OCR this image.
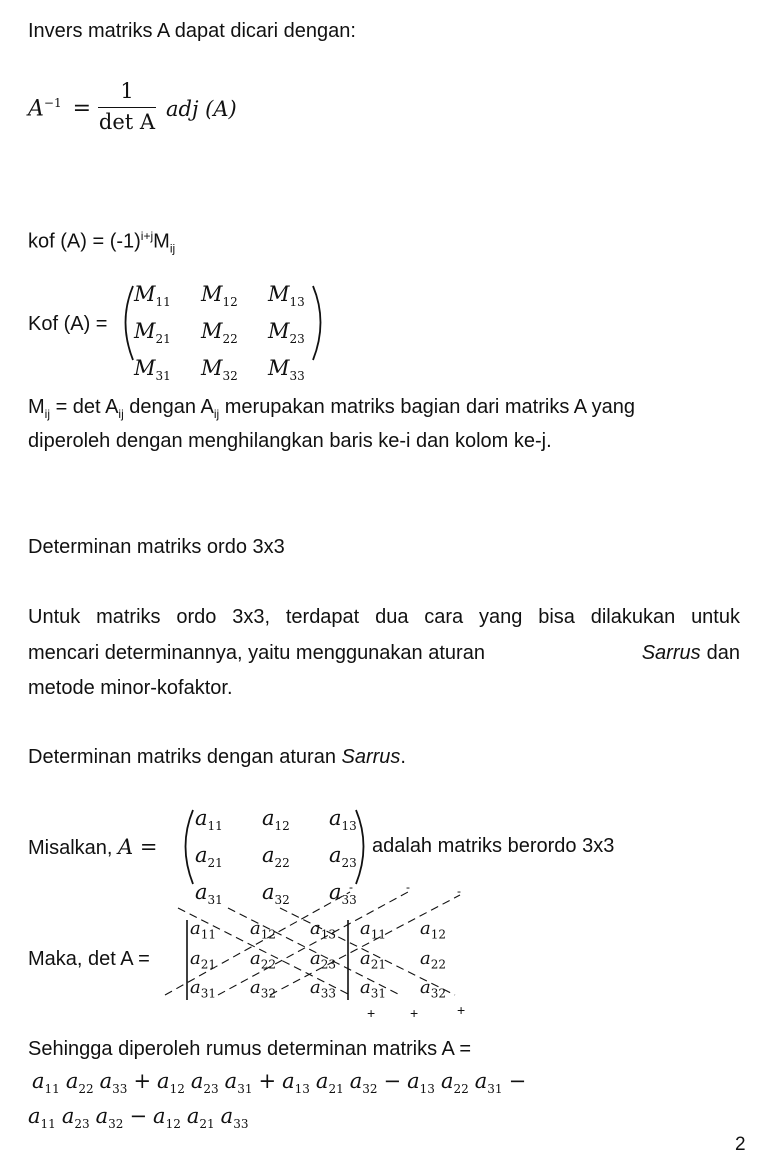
Invers matriks A dapat dicari dengan:
$A^{-1}$ =
1
det A
adj (A)
kof $(A) = (-1)^{i+j}M_{ij}$
Kof (A) =
$M_{11}$	$M_{12}$	$M_{13}$
$M_{21}$	$M_{22}$	$M_{23}$
$M_{31}$	$M_{32}$	$M_{33}$
$M_{ij} = \det A_{ij}$ dengan $A_{ij}$ merupakan matriks bagian dari matriks A yang
diperoleh dengan menghilangkan baris ke-i dan kolom ke-j.
Determinan matriks ordo 3x3
Untuk matriks ordo 3x3, terdapat dua cara yang bisa dilakukan untuk
mencari determinannya, yaitu menggunakan aturan	Sarrus dan
metode minor-kofaktor.
Determinan matriks dengan aturan Sarrus.
Misalkan, A =
$a_{11}$	$a_{12}$	$a_{13}$
$a_{21}$	$a_{22}$	$a_{23}$
$a_{31}$	$a_{32}$	$a_{33}$
adalah matriks berordo 3x3
Maka, det A =
$a_{11}$ $a_{12}$ $a_{13}$ $a_{11}$ $a_{12}$
$a_{21}$ $a_{22}$ $a_{23}$ $a_{21}$ $a_{22}$
$a_{31}$ $a_{32}$ $a_{33}$ $a_{31}$ $a_{32}$
Sehingga diperoleh rumus determinan matriks A =
$a_{11}$ $a_{22}$ $a_{33} + a_{12}$ $a_{23}$ $a_{31} + a_{13}$ $a_{21}$ $a_{32} - a_{13}$ $a_{22}$ $a_{31}$ −
$a_{11}$ $a_{23}$ $a_{32} - a_{12}$ $a_{21}$ $a_{33}$
2
-	-	-
+ +	+
